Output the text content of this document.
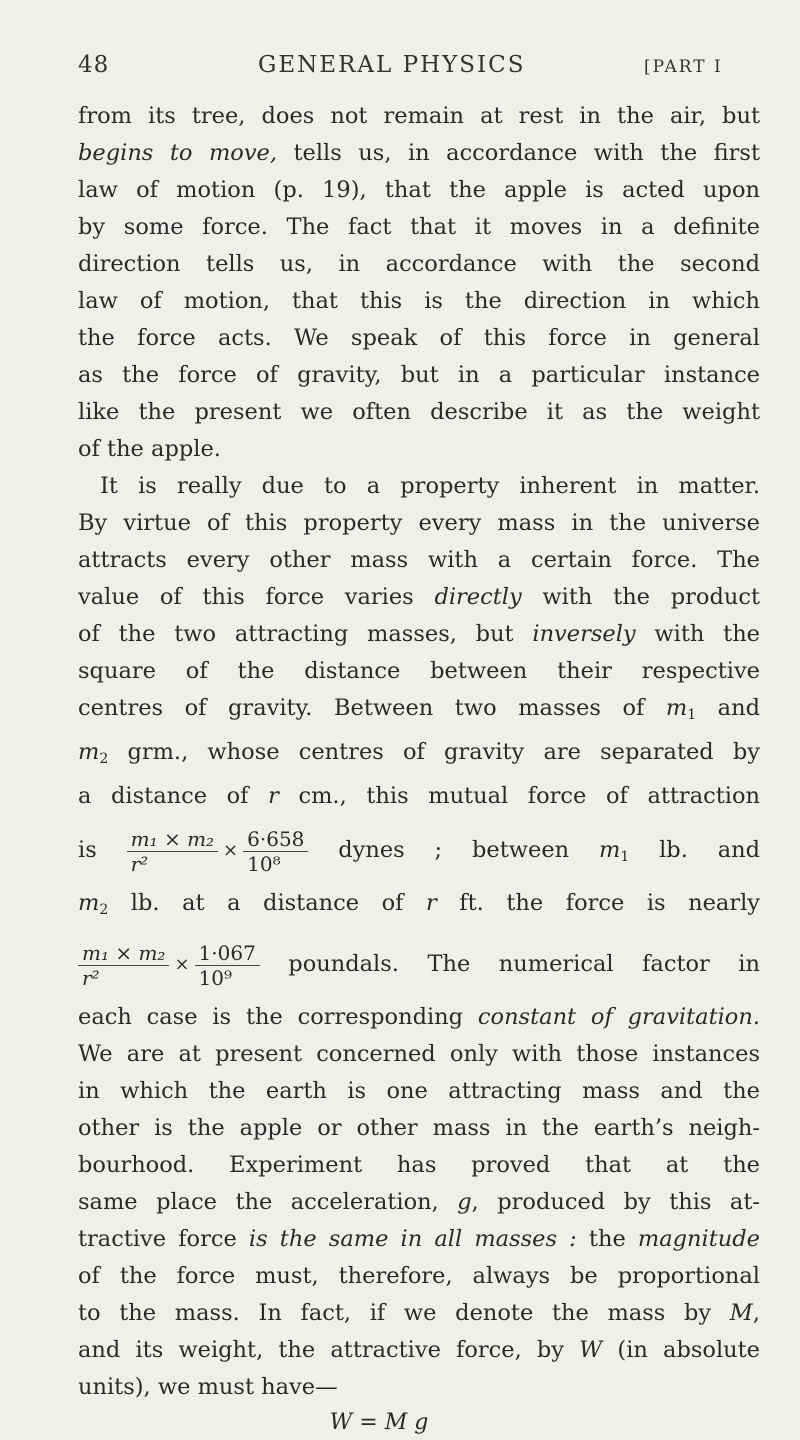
48	GENERAL PHYSICS	[PART I

from its tree, does not remain at rest in the air, but
begins to move, tells us, in accordance with the first
law of motion (p. 19), that the apple is acted upon
by some force. The fact that it moves in a definite
direction tells us, in accordance with the second
law of motion, that this is the direction in which
the force acts. We speak of this force in general
as the force of gravity, but in a particular instance
like the present we often describe it as the weight
of the apple.

It is really due to a property inherent in matter.
By virtue of this property every mass in the universe
attracts every other mass with a certain force. The
value of this force varies directly with the product
of the two attracting masses, but inversely with the
square of the distance between their respective
centres of gravity. Between two masses of $m_1$ and
$m_2$ grm., whose centres of gravity are separated by
a distance of r cm., this mutual force of attraction
is $\frac{\text{m₁ × m₂}}{\text{r²}} \times \frac{6\cdot 658}{\text{10⁸}}$ dynes ; between $m_1$ lb. and
$m_2$ lb. at a distance of r ft. the force is nearly
$\frac{\text{m₁ × m₂}}{\text{r²}} \times \frac{1\cdot 067}{\text{10⁹}}$ poundals. The numerical factor in
each case is the corresponding constant of gravitation.
We are at present concerned only with those instances
in which the earth is one attracting mass and the
other is the apple or other mass in the earth’s neigh-
bourhood. Experiment has proved that at the
same place the acceleration, g, produced by this at-
tractive force is the same in all masses : the magnitude
of the force must, therefore, always be proportional
to the mass. In fact, if we denote the mass by M,
and its weight, the attractive force, by W (in absolute
units), we must have—
W = M g
